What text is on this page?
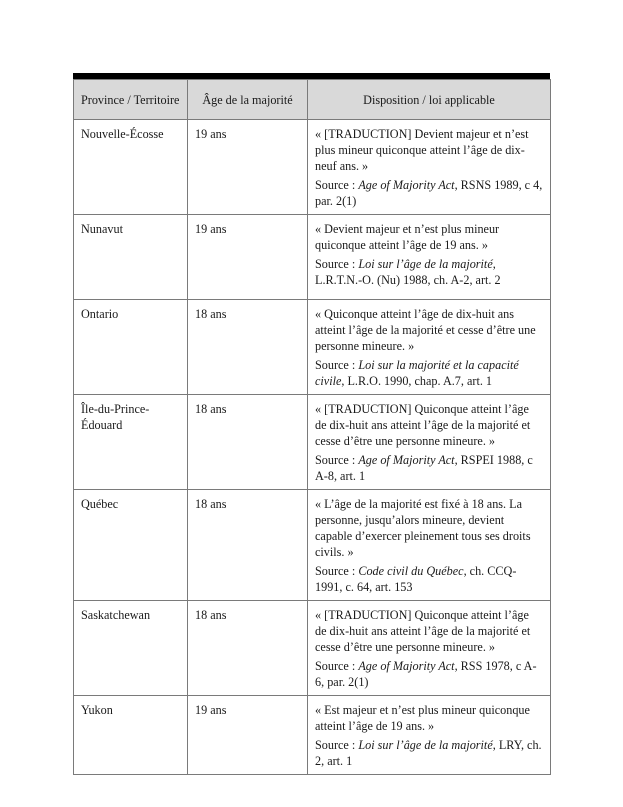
Province / Territoire	Âge de la majorité	Disposition / loi applicable
Nouvelle-Écosse	19 ans	« [TRADUCTION] Devient majeur et n’est plus mineur quiconque atteint l’âge de dix-neuf ans. »

Source : Age of Majority Act, RSNS 1989, c 4, par. 2(1)

Nunavut	19 ans	« Devient majeur et n’est plus mineur quiconque atteint l’âge de 19 ans. »

Source : Loi sur l’âge de la majorité, L.R.T.N.-O. (Nu) 1988, ch. A-2, art. 2

Ontario	18 ans	« Quiconque atteint l’âge de dix-huit ans atteint l’âge de la majorité et cesse d’être une personne mineure. »

Source : Loi sur la majorité et la capacité civile, L.R.O. 1990, chap. A.7, art. 1

Île-du-Prince-Édouard	18 ans	« [TRADUCTION] Quiconque atteint l’âge de dix-huit ans atteint l’âge de la majorité et cesse d’être une personne mineure. »

Source : Age of Majority Act, RSPEI 1988, c A-8, art. 1

Québec	18 ans	« L’âge de la majorité est fixé à 18 ans. La personne, jusqu’alors mineure, devient capable d’exercer pleinement tous ses droits civils. »

Source : Code civil du Québec, ch. CCQ-1991, c. 64, art. 153

Saskatchewan	18 ans	« [TRADUCTION] Quiconque atteint l’âge de dix-huit ans atteint l’âge de la majorité et cesse d’être une personne mineure. »

Source : Age of Majority Act, RSS 1978, c A-6, par. 2(1)

Yukon	19 ans	« Est majeur et n’est plus mineur quiconque atteint l’âge de 19 ans. »

Source : Loi sur l’âge de la majorité, LRY, ch. 2, art. 1
